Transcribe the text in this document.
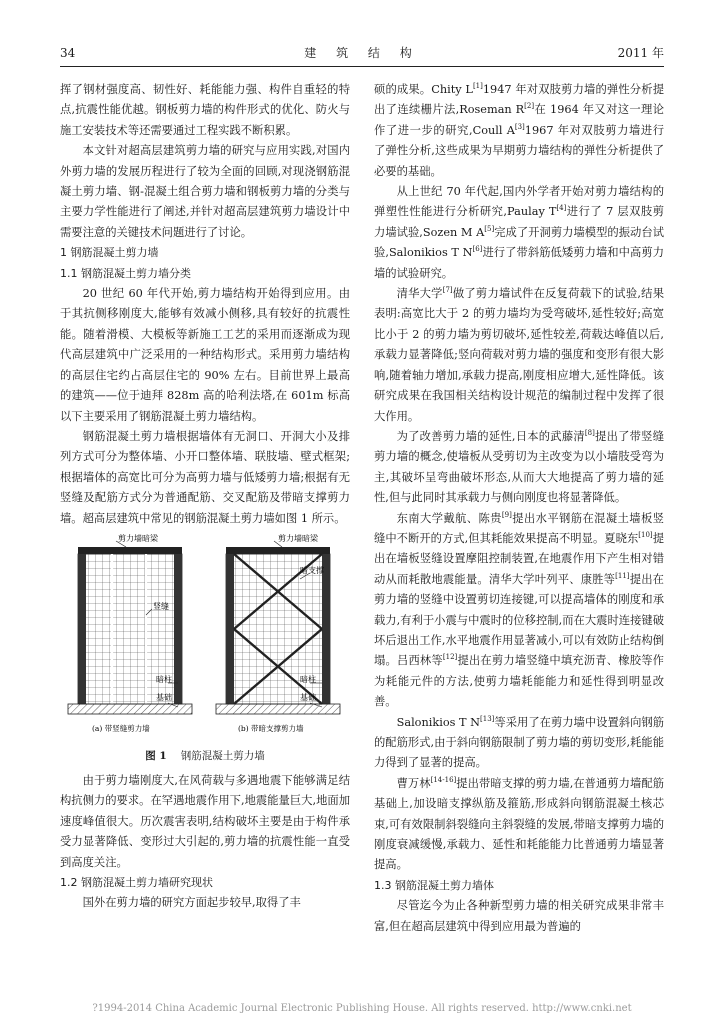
34	建 筑 结 构	2011 年

挥了钢材强度高、韧性好、耗能能力强、构件自重轻的特点,抗震性能优越。钢板剪力墙的构件形式的优化、防火与施工安装技术等还需要通过工程实践不断积累。

本文针对超高层建筑剪力墙的研究与应用实践,对国内外剪力墙的发展历程进行了较为全面的回顾,对现浇钢筋混凝土剪力墙、钢-混凝土组合剪力墙和钢板剪力墙的分类与主要力学性能进行了阐述,并针对超高层建筑剪力墙设计中需要注意的关键技术问题进行了讨论。

1 钢筋混凝土剪力墙

1.1 钢筋混凝土剪力墙分类

20 世纪 60 年代开始,剪力墙结构开始得到应用。由于其抗侧移刚度大,能够有效减小侧移,具有较好的抗震性能。随着滑模、大模板等新施工工艺的采用而逐渐成为现代高层建筑中广泛采用的一种结构形式。采用剪力墙结构的高层住宅约占高层住宅的 90% 左右。目前世界上最高的建筑——位于迪拜 828m 高的哈利法塔,在 601m 标高以下主要采用了钢筋混凝土剪力墙结构。

钢筋混凝土剪力墙根据墙体有无洞口、开洞大小及排列方式可分为整体墙、小开口整体墙、联肢墙、壁式框架;根据墙体的高宽比可分为高剪力墙与低矮剪力墙;根据有无竖缝及配筋方式分为普通配筋、交叉配筋及带暗支撑剪力墙。超高层建筑中常见的钢筋混凝土剪力墙如图 1 所示。

剪力墙暗梁
竖缝
暗柱
基础
(a) 带竖缝剪力墙
剪力墙暗梁
暗支撑
暗柱
基础
(b) 带暗支撑剪力墙
图 1 钢筋混凝土剪力墙

由于剪力墙刚度大,在风荷载与多遇地震下能够满足结构抗侧力的要求。在罕遇地震作用下,地震能量巨大,地面加速度峰值很大。历次震害表明,结构破坏主要是由于构件承受力显著降低、变形过大引起的,剪力墙的抗震性能一直受到高度关注。

1.2 钢筋混凝土剪力墙研究现状

国外在剪力墙的研究方面起步较早,取得了丰

硕的成果。Chity L[1]1947 年对双肢剪力墙的弹性分析提出了连续栅片法,Roseman R[2]在 1964 年又对这一理论作了进一步的研究,Coull A[3]1967 年对双肢剪力墙进行了弹性分析,这些成果为早期剪力墙结构的弹性分析提供了必要的基础。

从上世纪 70 年代起,国内外学者开始对剪力墙结构的弹塑性性能进行分析研究,Paulay T[4]进行了 7 层双肢剪力墙试验,Sozen M A[5]完成了开洞剪力墙模型的振动台试验,Salonikios T N[6]进行了带斜筋低矮剪力墙和中高剪力墙的试验研究。

清华大学[7]做了剪力墙试件在反复荷载下的试验,结果表明:高宽比大于 2 的剪力墙均为受弯破坏,延性较好;高宽比小于 2 的剪力墙为剪切破坏,延性较差,荷载达峰值以后,承载力显著降低;竖向荷载对剪力墙的强度和变形有很大影响,随着轴力增加,承载力提高,刚度相应增大,延性降低。该研究成果在我国相关结构设计规范的编制过程中发挥了很大作用。

为了改善剪力墙的延性,日本的武藤清[8]提出了带竖缝剪力墙的概念,使墙板从受剪切为主改变为以小墙肢受弯为主,其破坏呈弯曲破坏形态,从而大大地提高了剪力墙的延性,但与此同时其承载力与侧向刚度也将显著降低。

东南大学戴航、陈贵[9]提出水平钢筋在混凝土墙板竖缝中不断开的方式,但其耗能效果提高不明显。夏晓东[10]提出在墙板竖缝设置摩阻控制装置,在地震作用下产生相对错动从而耗散地震能量。清华大学叶列平、康胜等[11]提出在剪力墙的竖缝中设置剪切连接键,可以提高墙体的刚度和承载力,有利于小震与中震时的位移控制,而在大震时连接键破坏后退出工作,水平地震作用显著减小,可以有效防止结构倒塌。吕西林等[12]提出在剪力墙竖缝中填充沥青、橡胶等作为耗能元件的方法,使剪力墙耗能能力和延性得到明显改善。

Salonikios T N[13]等采用了在剪力墙中设置斜向钢筋的配筋形式,由于斜向钢筋限制了剪力墙的剪切变形,耗能能力得到了显著的提高。

曹万林[14-16]提出带暗支撑的剪力墙,在普通剪力墙配筋基础上,加设暗支撑纵筋及箍筋,形成斜向钢筋混凝土核芯束,可有效限制斜裂缝向主斜裂缝的发展,带暗支撑剪力墙的刚度衰减缓慢,承载力、延性和耗能能力比普通剪力墙显著提高。

1.3 钢筋混凝土剪力墙体

尽管迄今为止各种新型剪力墙的相关研究成果非常丰富,但在超高层建筑中得到应用最为普遍的

?1994-2014 China Academic Journal Electronic Publishing House. All rights reserved. http://www.cnki.net
